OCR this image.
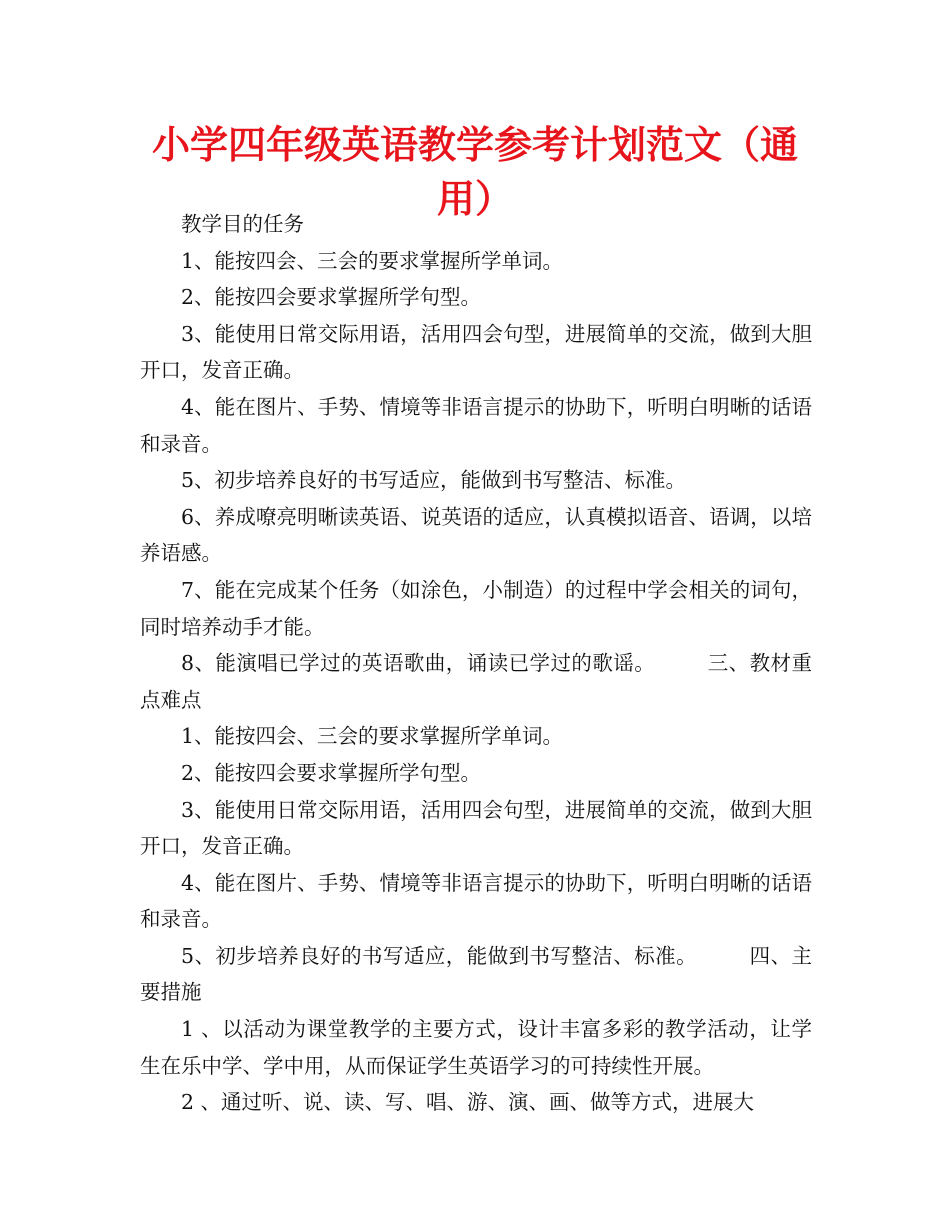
小学四年级英语教学参考计划范文（通用）

教学目的任务

1、能按四会、三会的要求掌握所学单词。

2、能按四会要求掌握所学句型。

3、能使用日常交际用语，活用四会句型，进展简单的交流，做到大胆开口，发音正确。

4、能在图片、手势、情境等非语言提示的协助下，听明白明晰的话语和录音。

5、初步培养良好的书写适应，能做到书写整洁、标准。

6、养成嘹亮明晰读英语、说英语的适应，认真模拟语音、语调，以培养语感。

7、能在完成某个任务（如涂色，小制造）的过程中学会相关的词句，同时培养动手才能。

8、能演唱已学过的英语歌曲，诵读已学过的歌谣。　　　三、教材重点难点

1、能按四会、三会的要求掌握所学单词。

2、能按四会要求掌握所学句型。

3、能使用日常交际用语，活用四会句型，进展简单的交流，做到大胆开口，发音正确。

4、能在图片、手势、情境等非语言提示的协助下，听明白明晰的话语和录音。

5、初步培养良好的书写适应，能做到书写整洁、标准。　　　四、主要措施

1 、以活动为课堂教学的主要方式，设计丰富多彩的教学活动，让学生在乐中学、学中用，从而保证学生英语学习的可持续性开展。

2 、通过听、说、读、写、唱、游、演、画、做等方式，进展大
